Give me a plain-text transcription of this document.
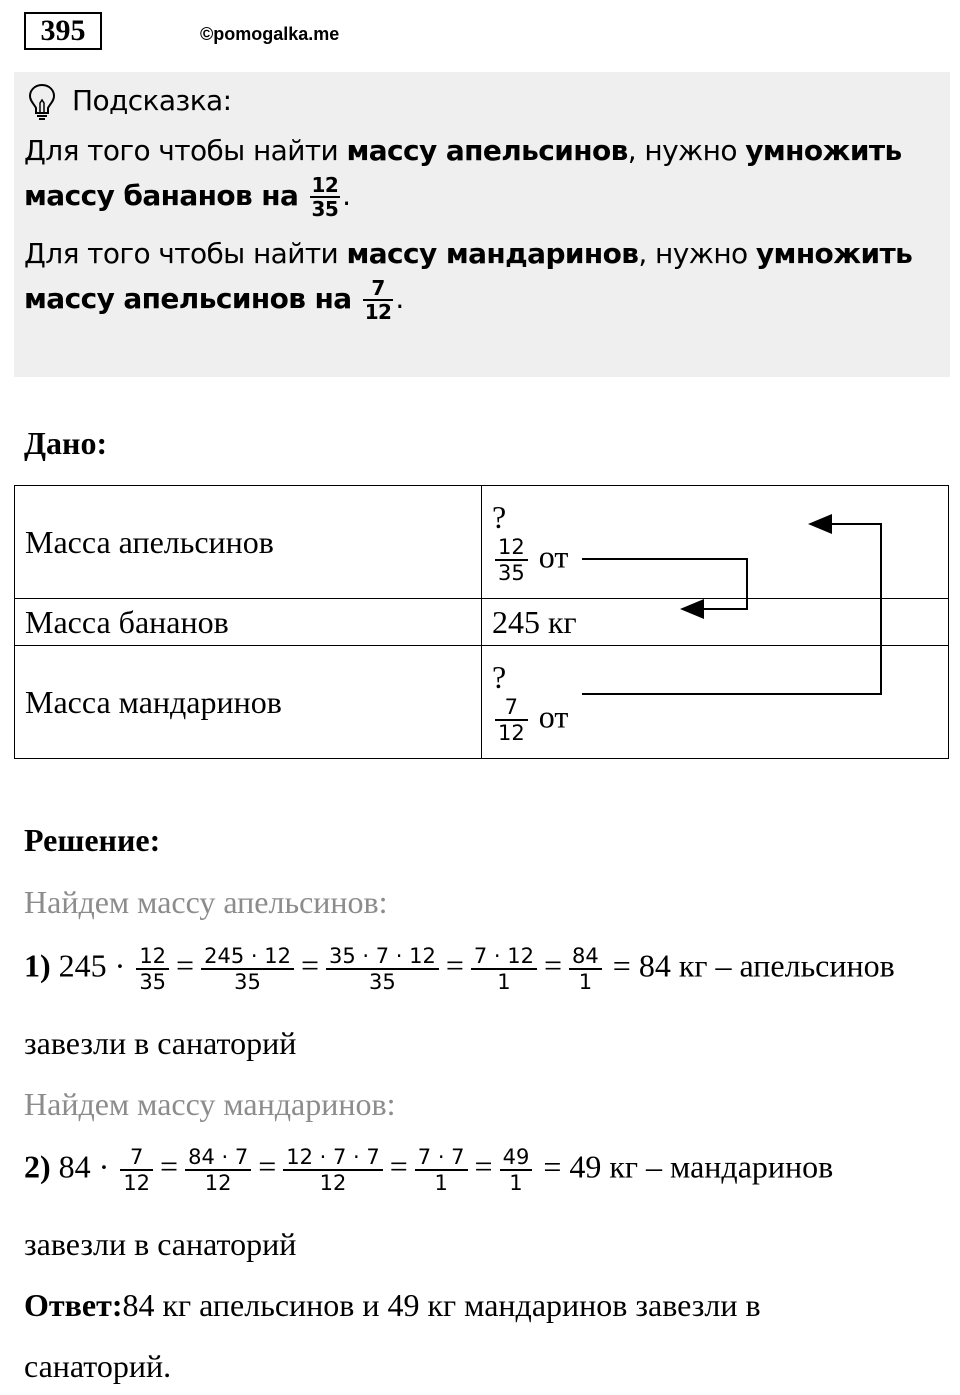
395	©pomogalka.me
Подсказка:
Для того чтобы найти массу апельсинов, нужно умножить
массу бананов на $\frac{12}{35}$ .
Для того чтобы найти массу мандаринов, нужно умножить
массу апельсинов на $\frac{7}{12}$ .
Дано:
Масса апельсинов	?
$\frac{12}{35}$ от

Масса бананов	245 кг
Масса мандаринов	?
$\frac{7}{12}$ от
Решение:
Найдем массу апельсинов:
1) $245 \cdot \frac{12}{35} = \frac{245 \cdot 12}{35} = \frac{35 \cdot 7 \cdot 12}{35} = \frac{7 \cdot 12}{1} = \frac{84}{1} = 84$ кг – апельсинов
завезли в санаторий
Найдем массу мандаринов:
2) $84 \cdot \frac{7}{12} = \frac{84 \cdot 7}{12} = \frac{12 \cdot 7 \cdot 7}{12} = \frac{7 \cdot 7}{1} = \frac{49}{1} = 49$ кг – мандаринов
завезли в санаторий
Ответ:84 кг апельсинов и 49 кг мандаринов завезли в
санаторий.
